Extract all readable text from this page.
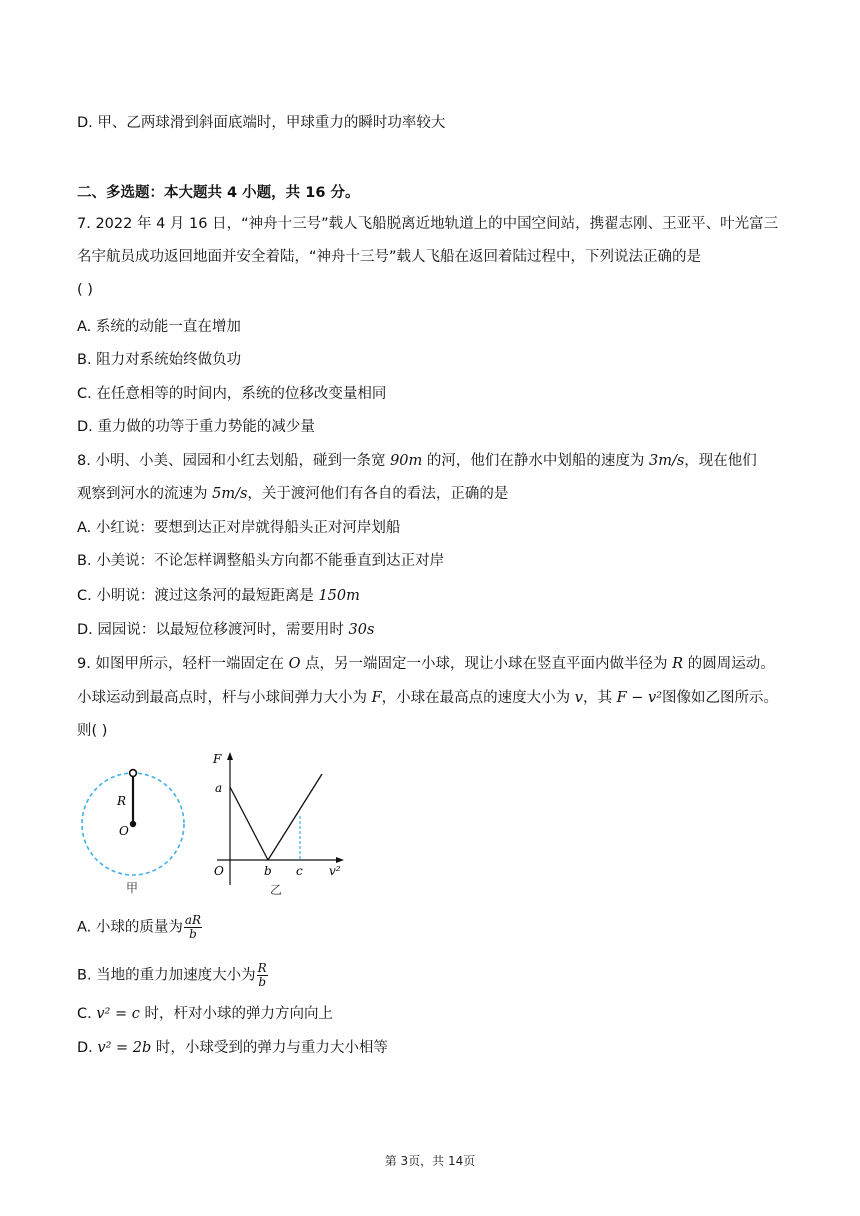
D. 甲、乙两球滑到斜面底端时，甲球重力的瞬时功率较大
二、多选题：本大题共 4 小题，共 16 分。
7. 2022 年 4 月 16 日，“神舟十三号”载人飞船脱离近地轨道上的中国空间站，携翟志刚、王亚平、叶光富三名宇航员成功返回地面并安全着陆，“神舟十三号”载人飞船在返回着陆过程中，下列说法正确的是
( )
A. 系统的动能一直在增加
B. 阻力对系统始终做负功
C. 在任意相等的时间内，系统的位移改变量相同
D. 重力做的功等于重力势能的减少量
8. 小明、小美、园园和小红去划船，碰到一条宽 90m 的河，他们在静水中划船的速度为 3m/s，现在他们
观察到河水的流速为 5m/s，关于渡河他们有各自的看法，正确的是
A. 小红说：要想到达正对岸就得船头正对河岸划船
B. 小美说：不论怎样调整船头方向都不能垂直到达正对岸
C. 小明说：渡过这条河的最短距离是 150m
D. 园园说：以最短位移渡河时，需要用时 30s
9. 如图甲所示，轻杆一端固定在 O 点，另一端固定一小球，现让小球在竖直平面内做半径为 R 的圆周运动。
小球运动到最高点时，杆与小球间弹力大小为 F，小球在最高点的速度大小为 v，其 F − v²图像如乙图所示。
则( )
R
O
甲
F
a
O	b c v²
乙
A. 小球的质量为 $\frac{aR}{b}$
B. 当地的重力加速度大小为 $\frac{R}{b}$
C. v² = c 时，杆对小球的弹力方向向上
D. v² = 2b 时，小球受到的弹力与重力大小相等
第 3页，共 14页
